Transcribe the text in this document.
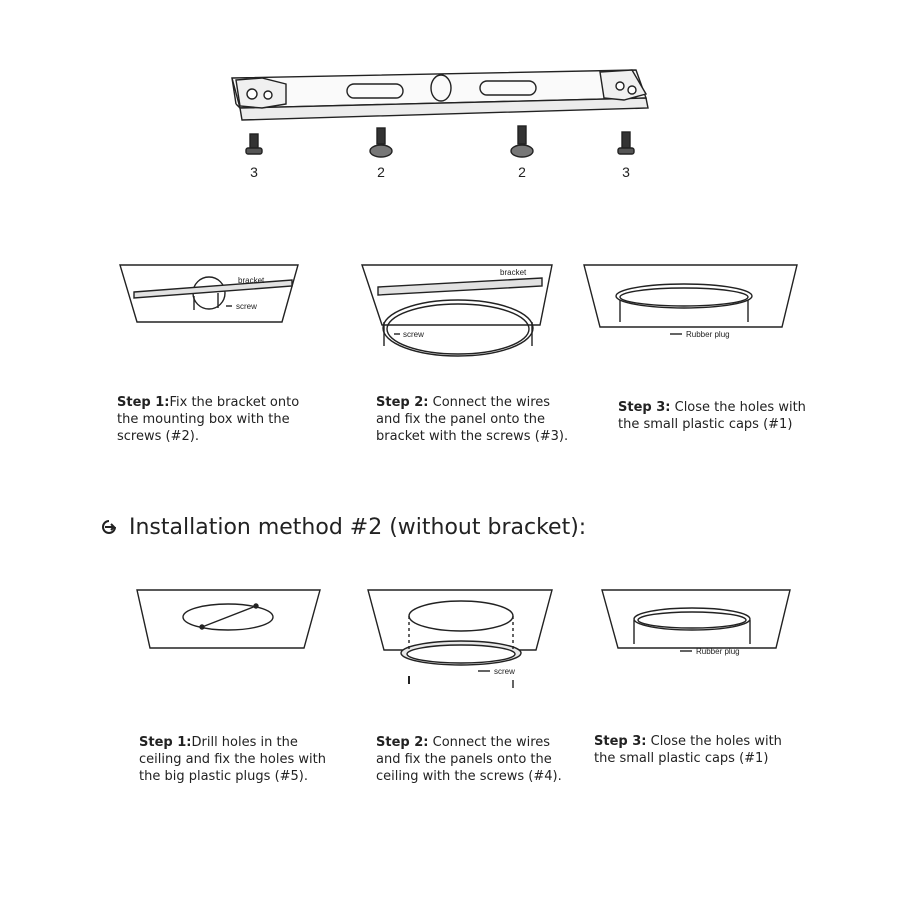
bracket
screw
bracket
screw	Rubber plug
screw
Rubber plug
3	2	2	3
Step 1:Fix the bracket onto
the mounting box with the
screws (#2).
Step 2: Connect the wires
and fix the panel onto the
bracket with the screws (#3).
Step 3: Close the holes with
the small plastic caps (#1)
Installation method #2 (without bracket):
Step 1:Drill holes in the
ceiling and fix the holes with
the big plastic plugs (#5).
Step 2: Connect the wires
and fix the panels onto the
ceiling with the screws (#4).
Step 3: Close the holes with
the small plastic caps (#1)
